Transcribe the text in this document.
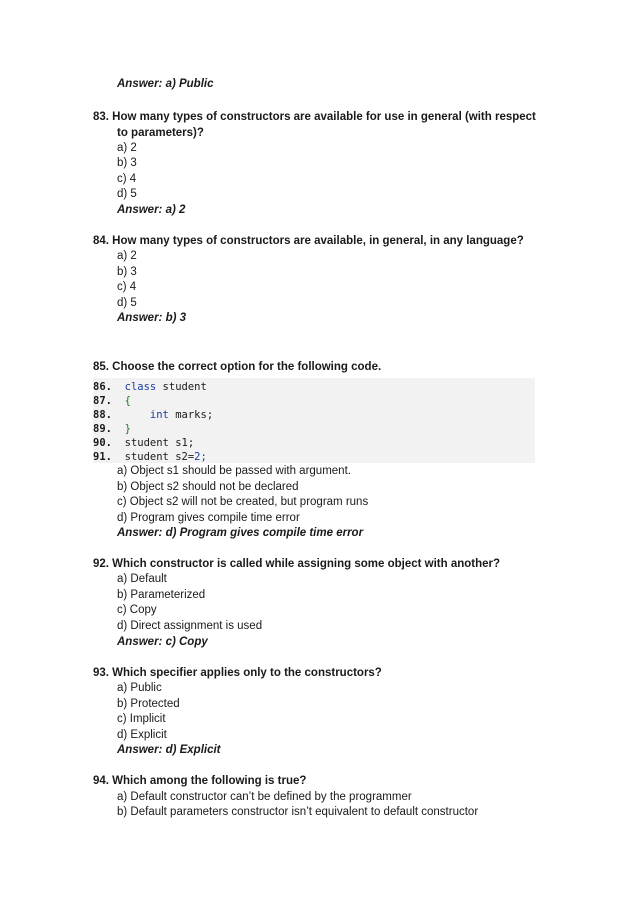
Answer: a) Public
83. How many types of constructors are available for use in general (with respect
to parameters)?
a) 2
b) 3
c) 4
d) 5
Answer: a) 2
84. How many types of constructors are available, in general, in any language?
a) 2
b) 3
c) 4
d) 5
Answer: b) 3
85. Choose the correct option for the following code.
86. class student
87. {
88.      int marks;
89. }
90. student s1;
91. student s2=2;
a) Object s1 should be passed with argument.
b) Object s2 should not be declared
c) Object s2 will not be created, but program runs
d) Program gives compile time error
Answer: d) Program gives compile time error
92. Which constructor is called while assigning some object with another?
a) Default
b) Parameterized
c) Copy
d) Direct assignment is used
Answer: c) Copy
93. Which specifier applies only to the constructors?
a) Public
b) Protected
c) Implicit
d) Explicit
Answer: d) Explicit
94. Which among the following is true?
a) Default constructor can’t be defined by the programmer
b) Default parameters constructor isn’t equivalent to default constructor
